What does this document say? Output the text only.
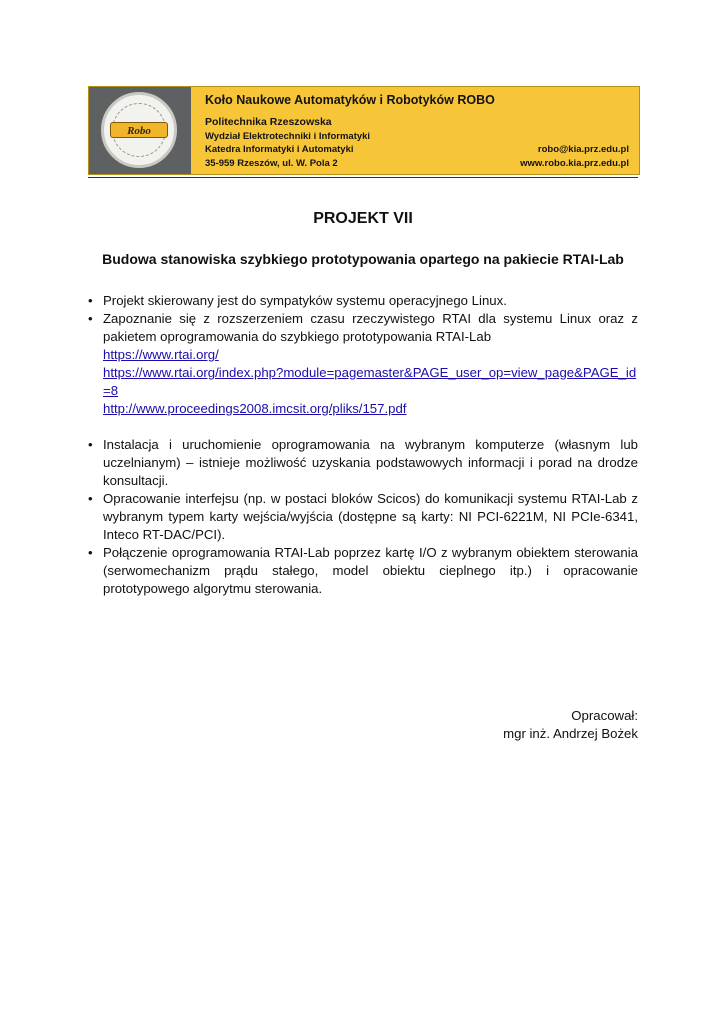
Robo
Koło Naukowe Automatyków i Robotyków ROBO
Politechnika Rzeszowska
Wydział Elektrotechniki i Informatyki
Katedra Informatyki i Automatyki
35-959 Rzeszów, ul. W. Pola 2
robo@kia.prz.edu.pl
www.robo.kia.prz.edu.pl
PROJEKT VII
Budowa stanowiska szybkiego prototypowania opartego na pakiecie RTAI-Lab
• Projekt skierowany jest do sympatyków systemu operacyjnego Linux.
• Zapoznanie się z rozszerzeniem czasu rzeczywistego RTAI dla systemu Linux oraz z pakietem oprogramowania do szybkiego prototypowania RTAI-Lab
https://www.rtai.org/
https://www.rtai.org/index.php?module=pagemaster&PAGE_user_op=view_page&PAGE_id=8
http://www.proceedings2008.imcsit.org/pliks/157.pdf
• Instalacja i uruchomienie oprogramowania na wybranym komputerze (własnym lub uczelnianym) – istnieje możliwość uzyskania podstawowych informacji i porad na drodze konsultacji.
• Opracowanie interfejsu (np. w postaci bloków Scicos) do komunikacji systemu RTAI-Lab z wybranym typem karty wejścia/wyjścia (dostępne są karty: NI PCI-6221M, NI PCIe-6341, Inteco RT-DAC/PCI).
• Połączenie oprogramowania RTAI-Lab poprzez kartę I/O z wybranym obiektem sterowania (serwomechanizm prądu stałego, model obiektu cieplnego itp.) i opracowanie prototypowego algorytmu sterowania.
Opracował:
mgr inż. Andrzej Bożek
